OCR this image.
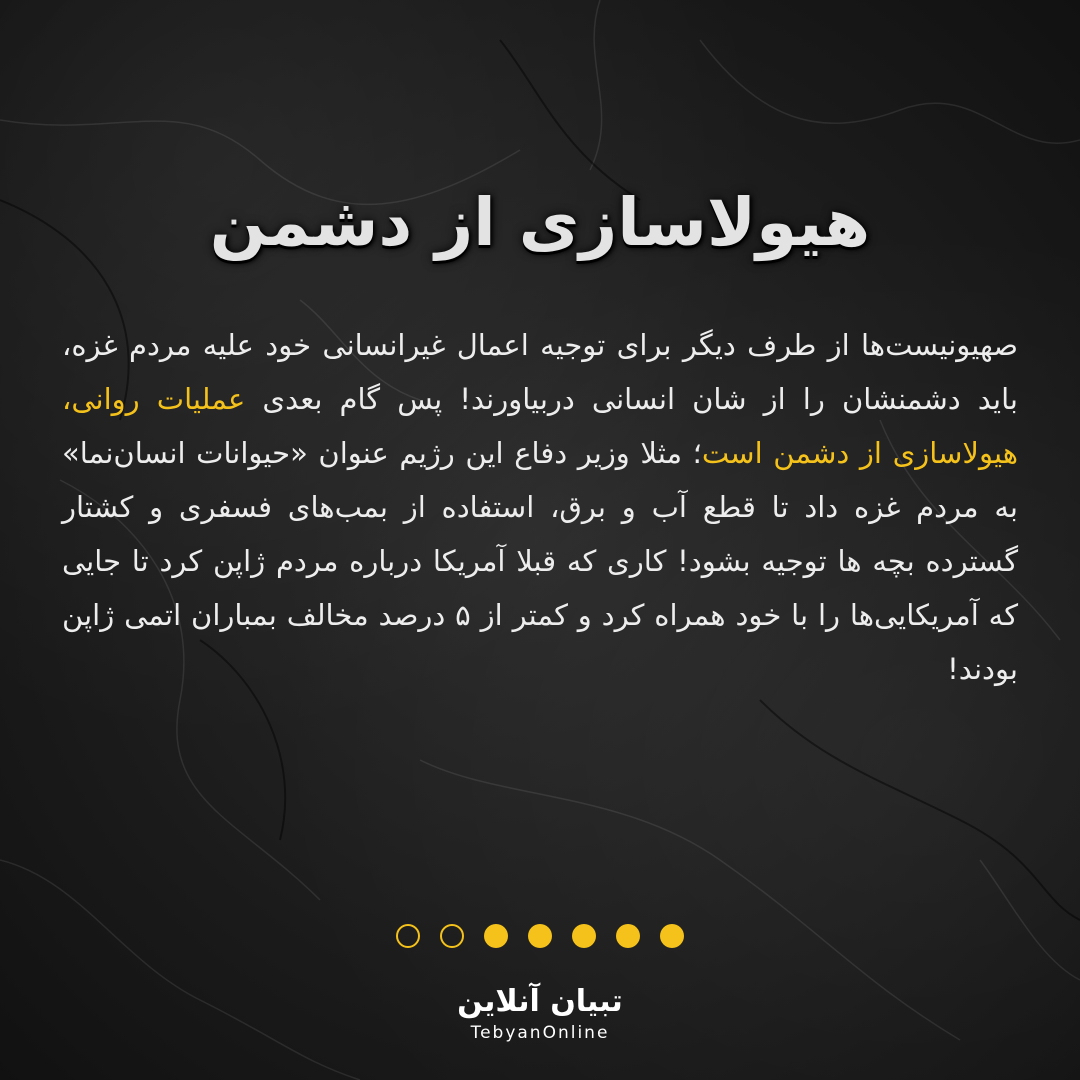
هیولاسازی از دشمن
صهیونیست‌ها از طرف دیگر برای توجیه اعمال غیرانسانی خود علیه مردم غزه، باید دشمنشان را از شان انسانی دربیاورند! پس گام بعدی عملیات روانی، هیولاسازی از دشمن است؛ مثلا وزیر دفاع این رژیم عنوان «حیوانات انسان‌نما» به مردم غزه داد تا قطع آب و برق، استفاده از بمب‌های فسفری و کشتار گسترده بچه ها توجیه بشود! کاری که قبلا آمریکا درباره مردم ژاپن کرد تا جایی که آمریکایی‌ها را با خود همراه کرد و کمتر از ۵ درصد مخالف بمباران اتمی ژاپن بودند!
تبیان آنلاین
TebyanOnline
